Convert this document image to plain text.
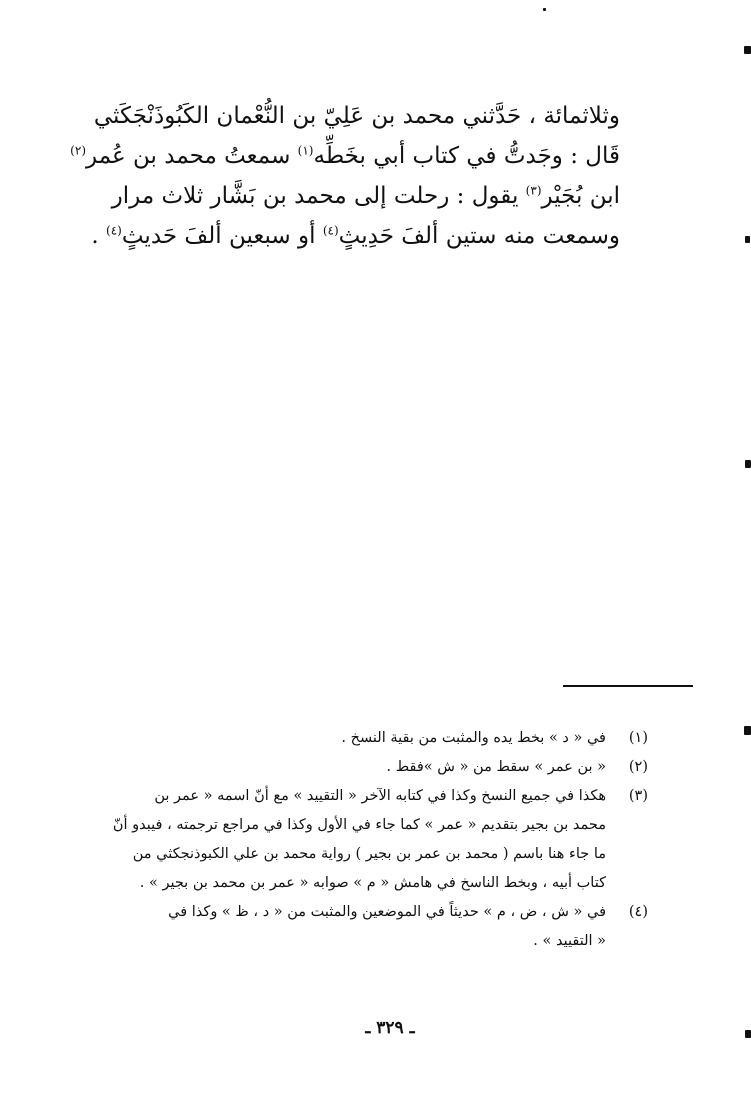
وثلاثمائة ، حَدَّثني محمد بن عَلِيّ بن النُّعْمان الكَبُوذَنْجَكَثي
قَال : وجَدتُّ في كتاب أبي بخَطِّه$^{(١)}$ سمعتُ محمد بن عُمر$^{(٢)}$
ابن بُجَيْر$^{(٣)}$ يقول : رحلت إلى محمد بن بَشَّار ثلاث مرار
وسمعت منه ستين ألفَ حَدِيثٍ$^{(٤)}$ أو سبعين ألفَ حَديثٍ$^{(٤)}$ .
(١)
في « د » بخط يده والمثبت من بقية النسخ .
(٢)
« بن عمر » سقط من « ش »فقط .
(٣)
هكذا في جميع النسخ وكذا في كتابه الآخر « التقييد » مع أنّ اسمه « عمر بن
محمد بن بجير بتقديم « عمر » كما جاء في الأول وكذا في مراجع ترجمته ، فيبدو أنّ
ما جاء هنا باسم ( محمد بن عمر بن بجير ) رواية محمد بن علي الكبوذنجكثي من
كتاب أبيه ، وبخط الناسخ في هامش « م » صوابه « عمر بن محمد بن بجير » .
(٤)
في « ش ، ض ، م » حديثاً في الموضعين والمثبت من « د ، ظ » وكذا في
« التقييد » .
ـ ٣٢٩ ـ
